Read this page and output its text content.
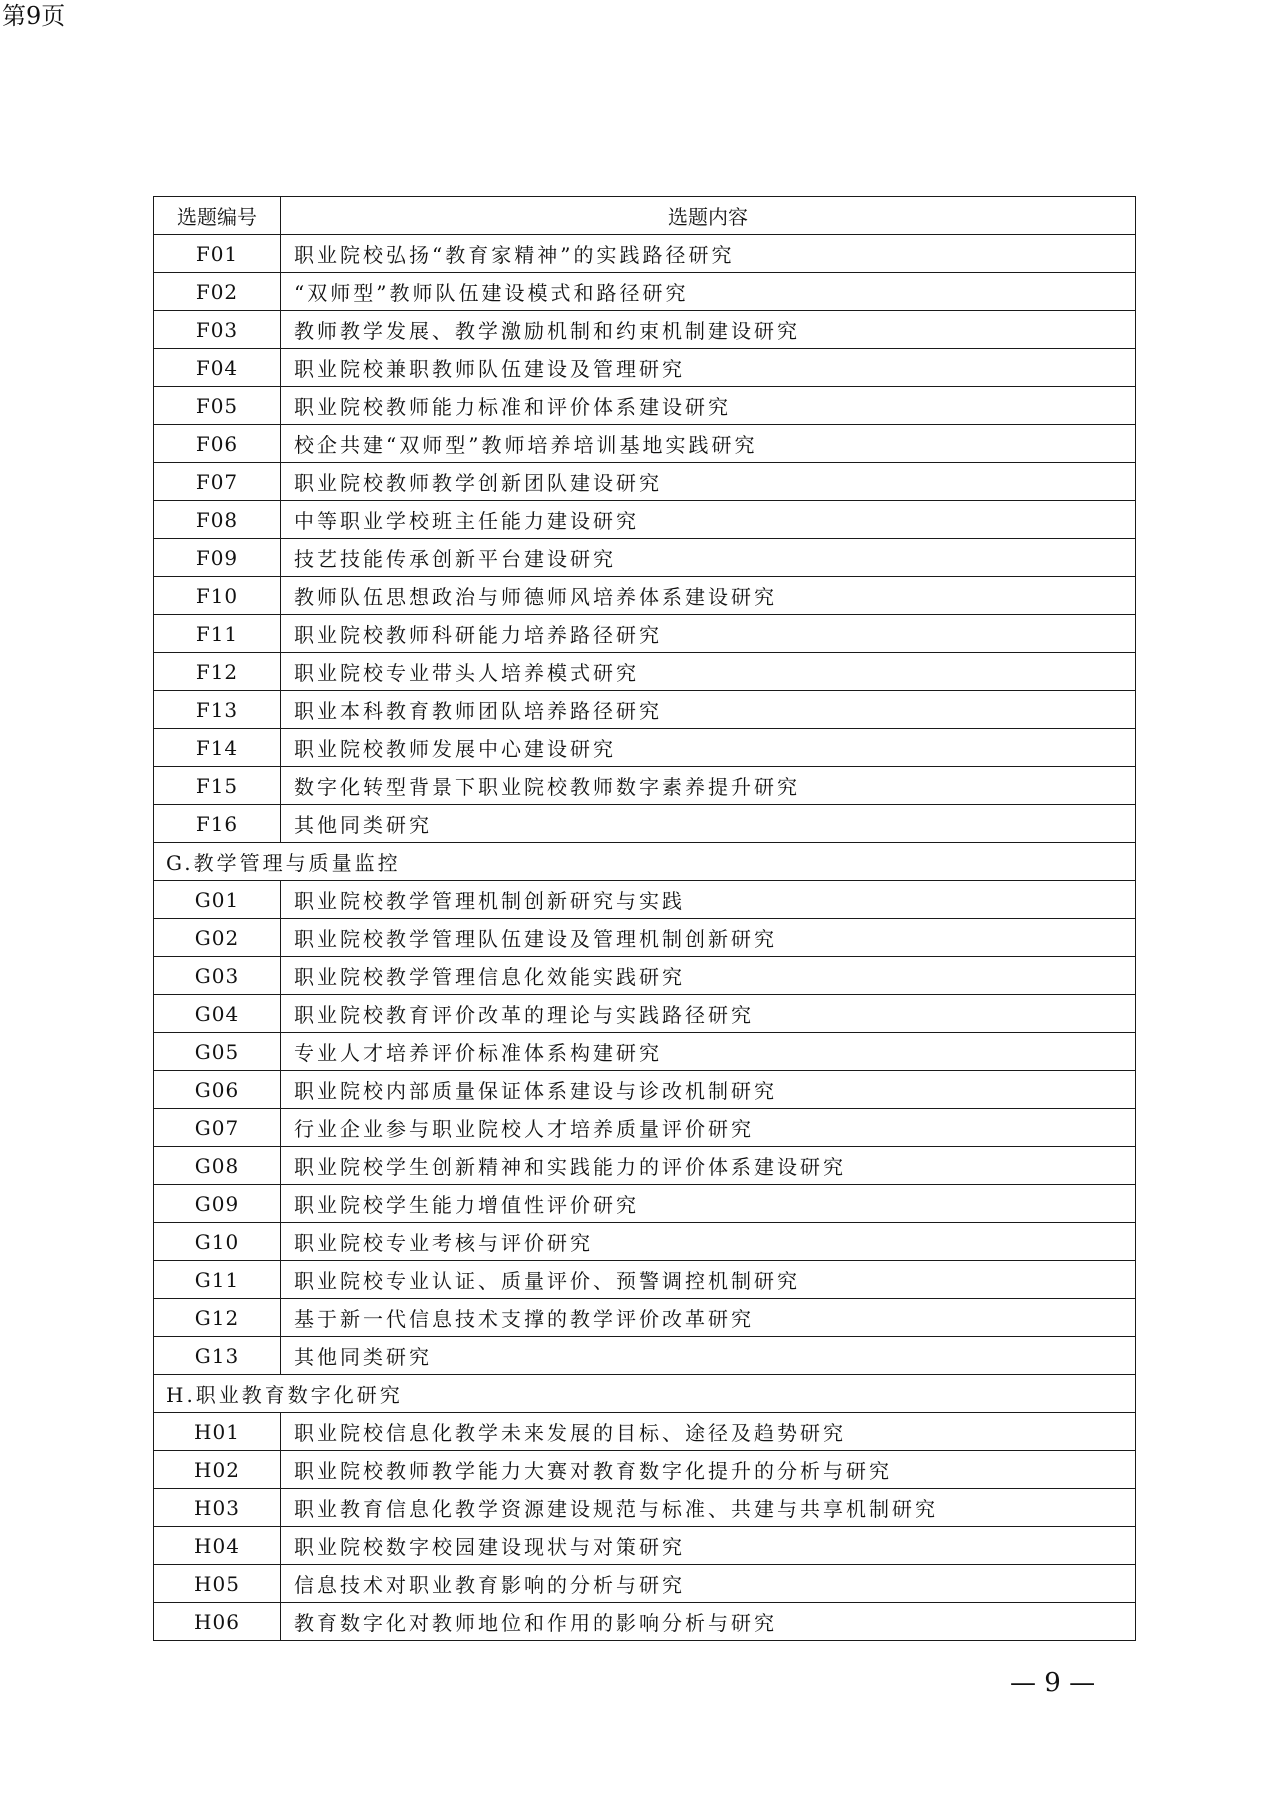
第9页
选题编号	选题内容
F01	职业院校弘扬“教育家精神”的实践路径研究
F02	“双师型”教师队伍建设模式和路径研究
F03	教师教学发展、教学激励机制和约束机制建设研究
F04	职业院校兼职教师队伍建设及管理研究
F05	职业院校教师能力标准和评价体系建设研究
F06	校企共建“双师型”教师培养培训基地实践研究
F07	职业院校教师教学创新团队建设研究
F08	中等职业学校班主任能力建设研究
F09	技艺技能传承创新平台建设研究
F10	教师队伍思想政治与师德师风培养体系建设研究
F11	职业院校教师科研能力培养路径研究
F12	职业院校专业带头人培养模式研究
F13	职业本科教育教师团队培养路径研究
F14	职业院校教师发展中心建设研究
F15	数字化转型背景下职业院校教师数字素养提升研究
F16	其他同类研究
G.教学管理与质量监控	
G01	职业院校教学管理机制创新研究与实践
G02	职业院校教学管理队伍建设及管理机制创新研究
G03	职业院校教学管理信息化效能实践研究
G04	职业院校教育评价改革的理论与实践路径研究
G05	专业人才培养评价标准体系构建研究
G06	职业院校内部质量保证体系建设与诊改机制研究
G07	行业企业参与职业院校人才培养质量评价研究
G08	职业院校学生创新精神和实践能力的评价体系建设研究
G09	职业院校学生能力增值性评价研究
G10	职业院校专业考核与评价研究
G11	职业院校专业认证、质量评价、预警调控机制研究
G12	基于新一代信息技术支撑的教学评价改革研究
G13	其他同类研究
H.职业教育数字化研究	
H01	职业院校信息化教学未来发展的目标、途径及趋势研究
H02	职业院校教师教学能力大赛对教育数字化提升的分析与研究
H03	职业教育信息化教学资源建设规范与标准、共建与共享机制研究
H04	职业院校数字校园建设现状与对策研究
H05	信息技术对职业教育影响的分析与研究
H06	教育数字化对教师地位和作用的影响分析与研究
— 9 —
